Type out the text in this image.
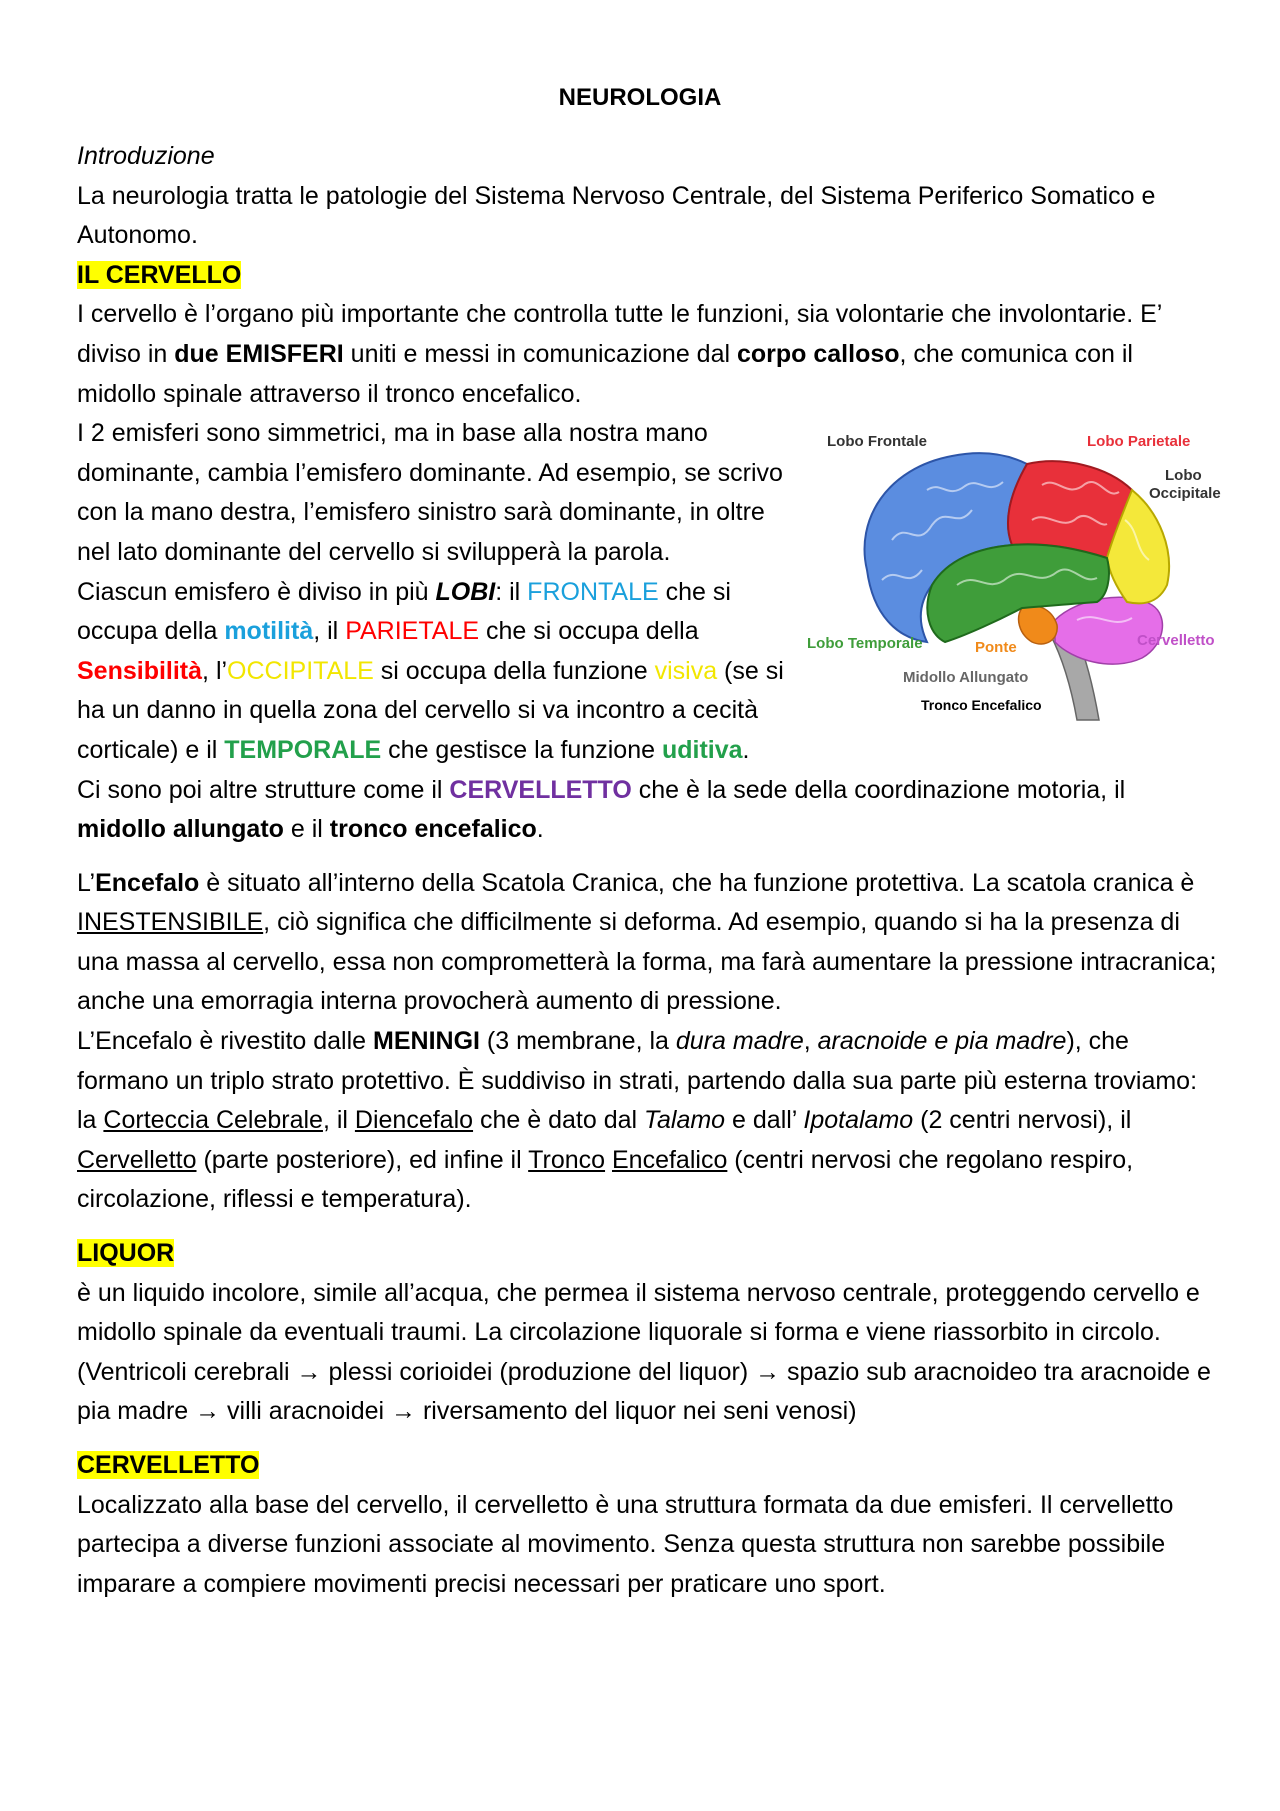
NEUROLOGIA

Introduzione

La neurologia tratta le patologie del Sistema Nervoso Centrale, del Sistema Periferico Somatico e Autonomo.

IL CERVELLO

I cervello è l’organo più importante che controlla tutte le funzioni, sia volontarie che involontarie. E’ diviso in due EMISFERI uniti e messi in comunicazione dal corpo calloso, che comunica con il midollo spinale attraverso il tronco encefalico.

Lobo Frontale	Lobo Parietale
Lobo
Occipitale
Lobo Temporale	Ponte	Cervelletto
Midollo Allungato
Tronco Encefalico
I 2 emisferi sono simmetrici, ma in base alla nostra mano dominante, cambia l’emisfero dominante. Ad esempio, se scrivo con la mano destra, l’emisfero sinistro sarà dominante, in oltre nel lato dominante del cervello si svilupperà la parola.

Ciascun emisfero è diviso in più LOBI: il FRONTALE che si occupa della motilità, il PARIETALE che si occupa della Sensibilità, l’OCCIPITALE si occupa della funzione visiva (se si ha un danno in quella zona del cervello si va incontro a cecità corticale) e il TEMPORALE che gestisce la funzione uditiva.

Ci sono poi altre strutture come il CERVELLETTO che è la sede della coordinazione motoria, il midollo allungato e il tronco encefalico.

L’Encefalo è situato all’interno della Scatola Cranica, che ha funzione protettiva. La scatola cranica è INESTENSIBILE, ciò significa che difficilmente si deforma. Ad esempio, quando si ha la presenza di una massa al cervello, essa non comprometterà la forma, ma farà aumentare la pressione intracranica; anche una emorragia interna provocherà aumento di pressione.

L’Encefalo è rivestito dalle MENINGI (3 membrane, la dura madre, aracnoide e pia madre), che formano un triplo strato protettivo. È suddiviso in strati, partendo dalla sua parte più esterna troviamo: la Corteccia Celebrale, il Diencefalo che è dato dal Talamo e dall’ Ipotalamo (2 centri nervosi), il Cervelletto (parte posteriore), ed infine il Tronco Encefalico (centri nervosi che regolano respiro, circolazione, riflessi e temperatura).

LIQUOR

è un liquido incolore, simile all’acqua, che permea il sistema nervoso centrale, proteggendo cervello e midollo spinale da eventuali traumi. La circolazione liquorale si forma e viene riassorbito in circolo. (Ventricoli cerebrali → plessi corioidei (produzione del liquor) → spazio sub aracnoideo tra aracnoide e pia madre → villi aracnoidei → riversamento del liquor nei seni venosi)

CERVELLETTO

Localizzato alla base del cervello, il cervelletto è una struttura formata da due emisferi. Il cervelletto partecipa a diverse funzioni associate al movimento. Senza questa struttura non sarebbe possibile imparare a compiere movimenti precisi necessari per praticare uno sport.
